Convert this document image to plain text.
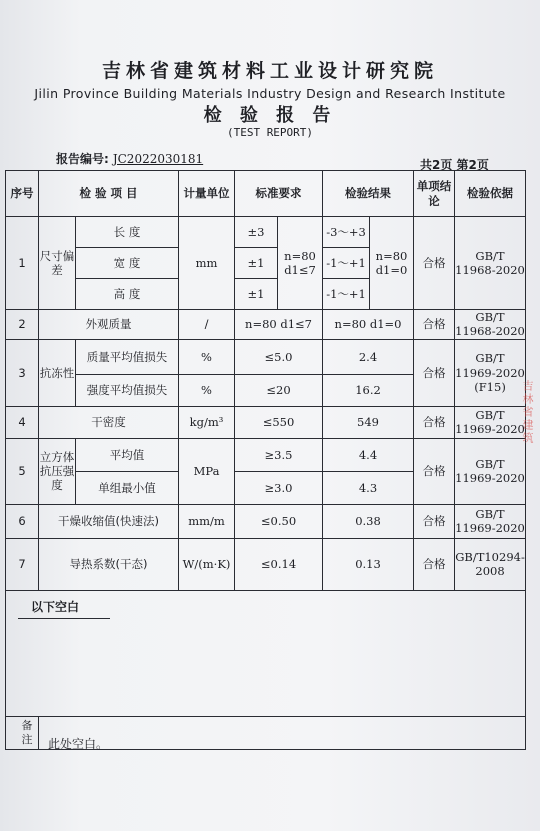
吉林省建筑材料工业设计研究院
Jilin Province Building Materials Industry Design and Research Institute
检 验 报 告
(TEST REPORT)
报告编号: JC2022030181	共2页 第2页
序号	检 验 项 目		计量单位	标准要求		检验结果		单项结论	检验依据
1	尺寸偏差	长 度	mm	±3	n=80 d1≤7	-3～+3	n=80 d1=0	合格	GB/T 11968-2020
		宽 度		±1		-1～+1			
		高 度		±1		-1～+1			
2	外观质量		/	n=80 d1≤7		n=80 d1=0		合格	GB/T 11968-2020
3	抗冻性	质量平均值损失	%	≤5.0		2.4		合格	GB/T 11969-2020
(F15)
		强度平均值损失	%	≤20		16.2			
4	干密度		kg/m³	≤550		549		合格	GB/T 11969-2020
5	立方体抗压强度	平均值	MPa	≥3.5		4.4		合格	GB/T 11969-2020
		单组最小值		≥3.0		4.3			
6	干燥收缩值(快速法)		mm/m	≤0.50		0.38		合格	GB/T 11969-2020
7	导热系数(干态)		W/(m·K)	≤0.14		0.13		合格	GB/T10294-2008
以下空白
备注 此处空白。
吉林省建筑
